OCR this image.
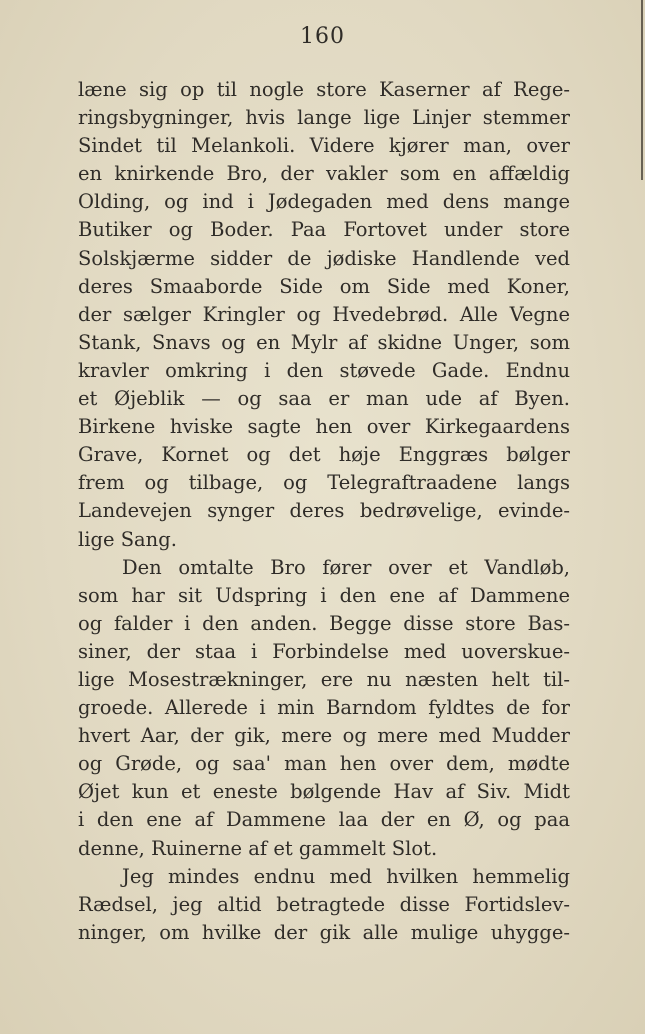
160
læne sig op til nogle store Kaserner af Rege-
ringsbygninger, hvis lange lige Linjer stemmer
Sindet til Melankoli. Videre kjører man, over
en knirkende Bro, der vakler som en affældig
Olding, og ind i Jødegaden med dens mange
Butiker og Boder. Paa Fortovet under store
Solskjærme sidder de jødiske Handlende ved
deres Smaaborde Side om Side med Koner,
der sælger Kringler og Hvedebrød. Alle Vegne
Stank, Snavs og en Mylr af skidne Unger, som
kravler omkring i den støvede Gade. Endnu
et Øjeblik — og saa er man ude af Byen.
Birkene hviske sagte hen over Kirkegaardens
Grave, Kornet og det høje Enggræs bølger
frem og tilbage, og Telegraftraadene langs
Landevejen synger deres bedrøvelige, evinde-
lige Sang.
Den omtalte Bro fører over et Vandløb,
som har sit Udspring i den ene af Dammene
og falder i den anden. Begge disse store Bas-
siner, der staa i Forbindelse med uoverskue-
lige Mosestrækninger, ere nu næsten helt til-
groede. Allerede i min Barndom fyldtes de for
hvert Aar, der gik, mere og mere med Mudder
og Grøde, og saa' man hen over dem, mødte
Øjet kun et eneste bølgende Hav af Siv. Midt
i den ene af Dammene laa der en Ø, og paa
denne, Ruinerne af et gammelt Slot.
Jeg mindes endnu med hvilken hemmelig
Rædsel, jeg altid betragtede disse Fortidslev-
ninger, om hvilke der gik alle mulige uhygge-
